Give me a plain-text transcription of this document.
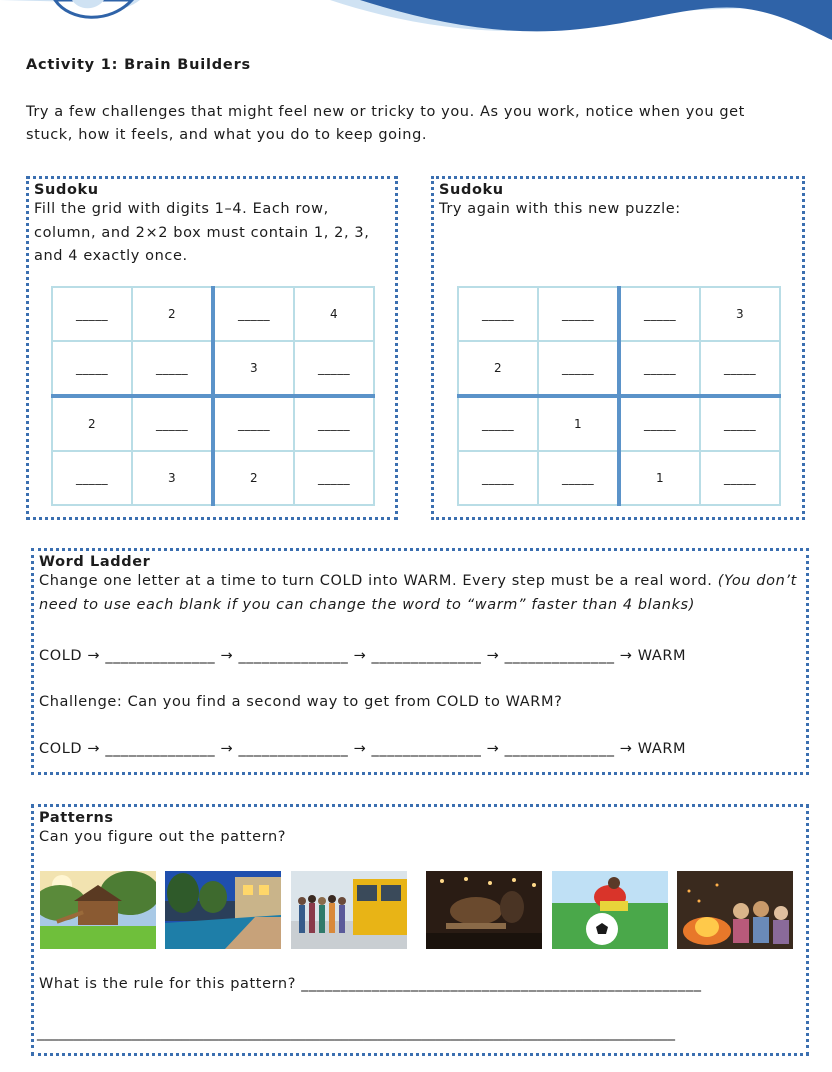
Activity 1: Brain Builders
Try a few challenges that might feel new or tricky to you. As you work, notice when you get stuck, how it feels, and what you do to keep going.
Sudoku
Fill the grid with digits 1–4. Each row, column, and 2×2 box must contain 1, 2, 3, and 4 exactly once.
_____	2	_____	4
_____	_____	3	_____
2	_____	_____	_____
_____	3	2	_____
Sudoku
Try again with this new puzzle:
_____	_____	_____	3
2	_____	_____	_____
_____	1	_____	_____
_____	_____	1	_____
Word Ladder
Change one letter at a time to turn COLD into WARM. Every step must be a real word. (You don’t need to use each blank if you can change the word to “warm” faster than 4 blanks)
COLD → ______________ → ______________ → ______________ → ______________ → WARM
Challenge: Can you find a second way to get from COLD to WARM?
COLD → ______________ → ______________ → ______________ → ______________ → WARM
Patterns
Can you figure out the pattern?
What is the rule for this pattern? ___________________________________________________
________________________________________________________________________________________
